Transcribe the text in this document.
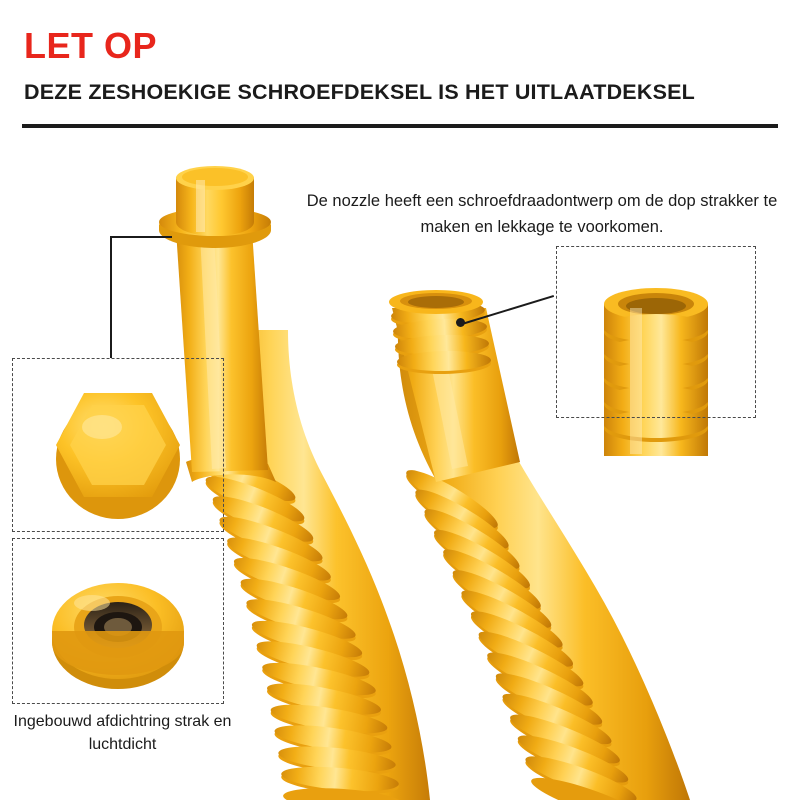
LET OP
DEZE ZESHOEKIGE SCHROEFDEKSEL IS HET UITLAATDEKSEL
De nozzle heeft een schroefdraadontwerp om de dop strakker te maken en lekkage te voorkomen.
Ingebouwd afdichtring strak en luchtdicht
